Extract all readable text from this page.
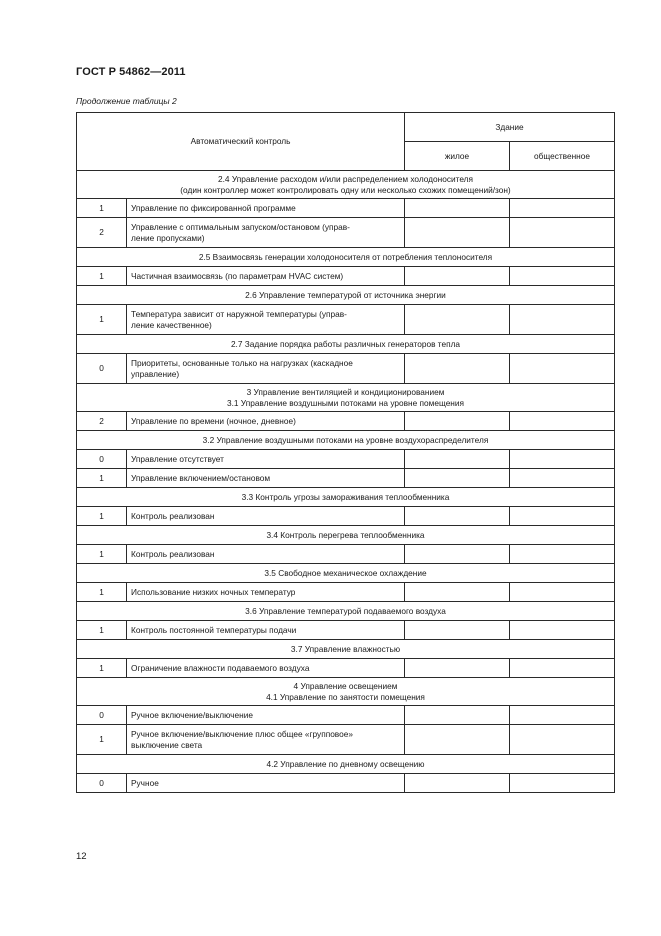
ГОСТ Р 54862—2011
Продолжение таблицы 2
Автоматический контроль		Здание	
		жилое	общественное
2.4 Управление расходом и/или распределением холодоносителя
(один контроллер может контролировать одну или несколько схожих помещений/зон)			
1	Управление по фиксированной программе		
2	Управление с оптимальным запуском/остановом (управ-
ление пропусками)		
2.5 Взаимосвязь генерации холодоносителя от потребления теплоносителя			
1	Частичная взаимосвязь (по параметрам HVAC систем)		
2.6 Управление температурой от источника энергии			
1	Температура зависит от наружной температуры (управ-
ление качественное)		
2.7 Задание порядка работы различных генераторов тепла			
0	Приоритеты, основанные только на нагрузках (каскадное
управление)		
3 Управление вентиляцией и кондиционированием
3.1 Управление воздушными потоками на уровне помещения			
2	Управление по времени (ночное, дневное)		
3.2 Управление воздушными потоками на уровне воздухораспределителя			
0	Управление отсутствует		
1	Управление включением/остановом		
3.3 Контроль угрозы замораживания теплообменника			
1	Контроль реализован		
3.4 Контроль перегрева теплообменника			
1	Контроль реализован		
3.5 Свободное механическое охлаждение			
1	Использование низких ночных температур		
3.6 Управление температурой подаваемого воздуха			
1	Контроль постоянной температуры подачи		
3.7 Управление влажностью			
1	Ограничение влажности подаваемого воздуха		
4 Управление освещением
4.1 Управление по занятости помещения			
0	Ручное включение/выключение		
1	Ручное включение/выключение плюс общее «групповое»
выключение света		
4.2 Управление по дневному освещению			
0	Ручное		
12
